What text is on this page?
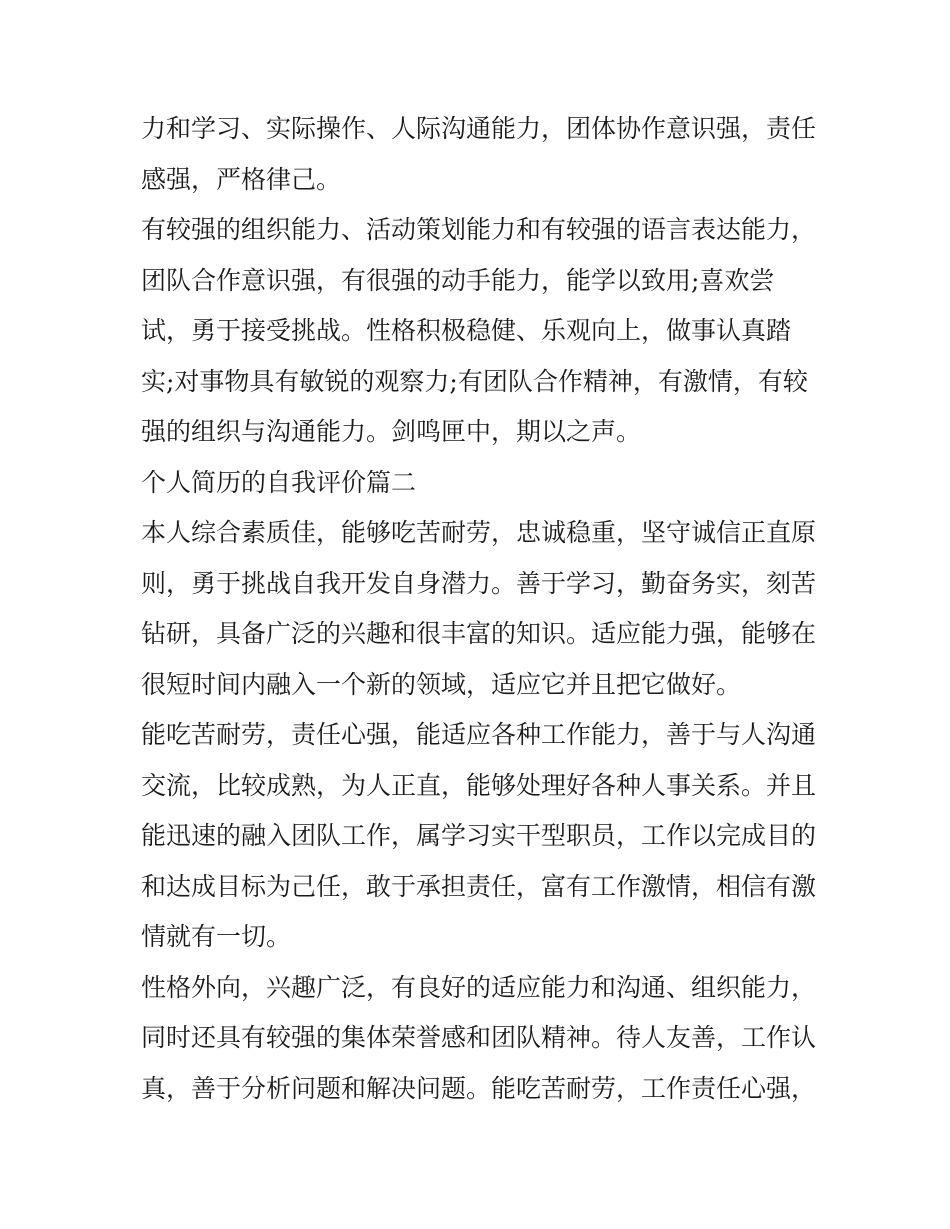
力和学习、实际操作、人际沟通能力，团体协作意识强，责任
感强，严格律己。
有较强的组织能力、活动策划能力和有较强的语言表达能力，
团队合作意识强，有很强的动手能力，能学以致用;喜欢尝
试，勇于接受挑战。性格积极稳健、乐观向上，做事认真踏
实;对事物具有敏锐的观察力;有团队合作精神，有激情，有较
强的组织与沟通能力。剑鸣匣中，期以之声。
个人简历的自我评价篇二
本人综合素质佳，能够吃苦耐劳，忠诚稳重，坚守诚信正直原
则，勇于挑战自我开发自身潜力。善于学习，勤奋务实，刻苦
钻研，具备广泛的兴趣和很丰富的知识。适应能力强，能够在
很短时间内融入一个新的领域，适应它并且把它做好。
能吃苦耐劳，责任心强，能适应各种工作能力，善于与人沟通
交流，比较成熟，为人正直，能够处理好各种人事关系。并且
能迅速的融入团队工作，属学习实干型职员，工作以完成目的
和达成目标为己任，敢于承担责任，富有工作激情，相信有激
情就有一切。
性格外向，兴趣广泛，有良好的适应能力和沟通、组织能力，
同时还具有较强的集体荣誉感和团队精神。待人友善，工作认
真，善于分析问题和解决问题。能吃苦耐劳，工作责任心强，
